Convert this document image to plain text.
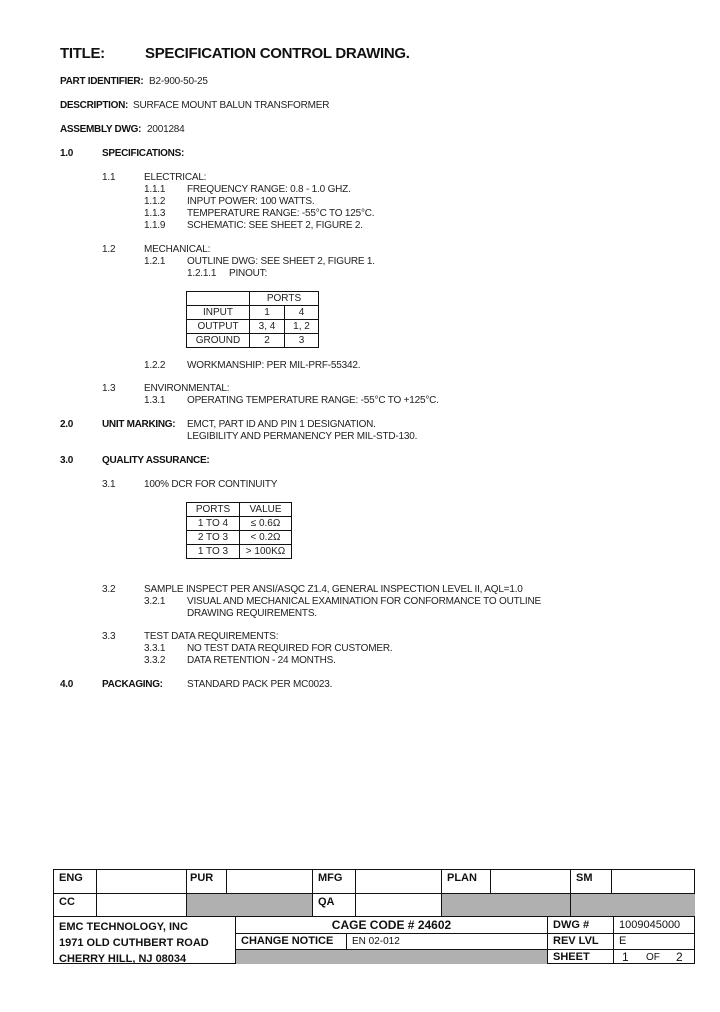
TITLE:	SPECIFICATION CONTROL DRAWING.
PART IDENTIFIER: B2-900-50-25
DESCRIPTION: SURFACE MOUNT BALUN TRANSFORMER
ASSEMBLY DWG: 2001284
1.0	SPECIFICATIONS:
1.1	ELECTRICAL:
1.1.1 FREQUENCY RANGE: 0.8 - 1.0 GHZ.
1.1.2 INPUT POWER: 100 WATTS.
1.1.3 TEMPERATURE RANGE: -55°C TO 125°C.
1.1.9 SCHEMATIC: SEE SHEET 2, FIGURE 2.
1.2	MECHANICAL:
1.2.1 OUTLINE DWG: SEE SHEET 2, FIGURE 1.
1.2.1.1 PINOUT:
	PORTS	
INPUT	1	4
OUTPUT	3, 4	1, 2
GROUND	2	3
1.2.2 WORKMANSHIP: PER MIL-PRF-55342.
1.3	ENVIRONMENTAL:
1.3.1 OPERATING TEMPERATURE RANGE: -55°C TO +125°C.
2.0	UNIT MARKING: EMCT, PART ID AND PIN 1 DESIGNATION.
LEGIBILITY AND PERMANENCY PER MIL-STD-130.
3.0	QUALITY ASSURANCE:
3.1	100% DCR FOR CONTINUITY
PORTS	VALUE
1 TO 4	≤ 0.6Ω
2 TO 3	< 0.2Ω
1 TO 3	> 100KΩ
3.2	SAMPLE INSPECT PER ANSI/ASQC Z1.4, GENERAL INSPECTION LEVEL II, AQL=1.0
3.2.1 VISUAL AND MECHANICAL EXAMINATION FOR CONFORMANCE TO OUTLINE
DRAWING REQUIREMENTS.
3.3	TEST DATA REQUIREMENTS:
3.3.1 NO TEST DATA REQUIRED FOR CUSTOMER.
3.3.2 DATA RETENTION - 24 MONTHS.
4.0	PACKAGING: STANDARD PACK PER MC0023.
ENG	PUR	MFG	PLAN	SM
CC	QA
EMC TECHNOLOGY, INC
1971 OLD CUTHBERT ROAD
CHERRY HILL, NJ 08034
CAGE CODE # 24602
CHANGE NOTICE	EN 02-012
DWG #	1009045000
REV LVL	E
SHEET	1 OF 2
